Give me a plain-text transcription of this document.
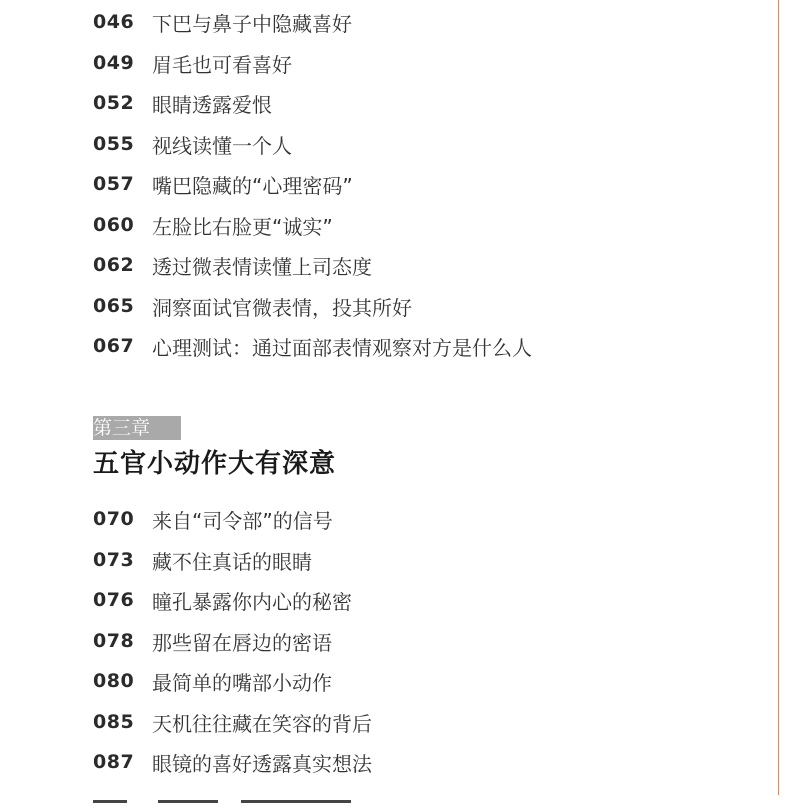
046 下巴与鼻子中隐藏喜好
049 眉毛也可看喜好
052 眼睛透露爱恨
055 视线读懂一个人
057 嘴巴隐藏的“心理密码”
060 左脸比右脸更“诚实”
062 透过微表情读懂上司态度
065 洞察面试官微表情，投其所好
067 心理测试：通过面部表情观察对方是什么人
第三章
五官小动作大有深意
070 来自“司令部”的信号
073 藏不住真话的眼睛
076 瞳孔暴露你内心的秘密
078 那些留在唇边的密语
080 最简单的嘴部小动作
085 天机往往藏在笑容的背后
087 眼镜的喜好透露真实想法
